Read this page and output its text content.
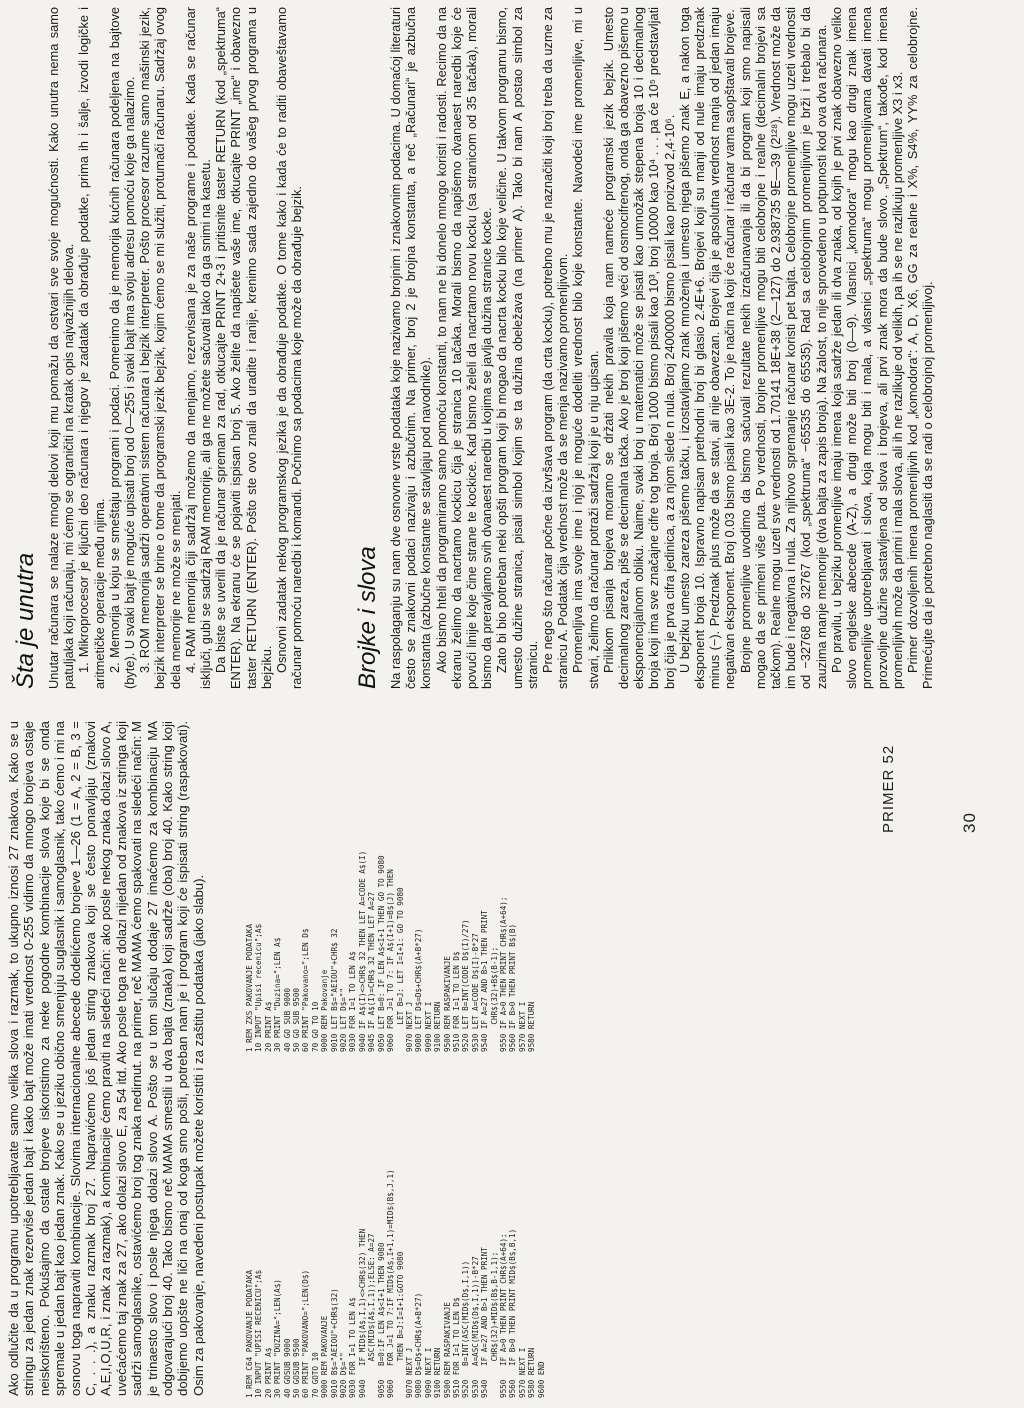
Ako odlučite da u programu upotrebljavate samo velika slova i razmak, to ukupno iznosi 27 znakova. Kako se u stringu za jedan znak rezerviše jedan bajt i kako bajt može imati vrednost 0-255 vidimo da mnogo brojeva ostaje neiskorišteno. Pokušajmo da ostale brojeve iskoristimo za neke pogodne kombinacije slova koje bi se onda spremale u jedan bajt kao jedan znak. Kako se u jeziku obično smenjuju suglasnik i samoglasnik, tako ćemo i mi na osnovu toga napraviti kombinacije. Slovima internacionalne abecede dodelićemo brojeve 1—26 (1 = A, 2 = B, 3 = C, . . .), a znaku razmak broj 27. Napravićemo još jedan string znakova koji se često ponavljaju (znakovi A,E,I,O,U,R, i znak za razmak), a kombinacije ćemo praviti na sledeći način: ako posle nekog znaka dolazi slovo A, uvećaćemo taj znak za 27, ako dolazi slovo E, za 54 itd. Ako posle toga ne dolazi nijedan od znakova iz stringa koji sadrži samoglasnike, ostavićemo broj tog znaka nedirnut. na primer, reč MAMA ćemo spakovati na sledeći način: M je trinaesto slovo i posle njega dolazi slovo A. Pošto se u tom slučaju dodaje 27 imaćemo za kombinaciju MA odgovarajući broj 40. Tako bismo reč MAMA smestili u dva bajta (znaka) koji sadrže (oba) broj 40. Kako string koji dobijemo uopšte ne liči na onaj od koga smo pošli, potreban nam je i program koji će ispisati string (raspakovati). Osim za pakovanje, navedeni postupak možete koristiti i za zaštitu podataka (jako slabu).	1 REM C64 PAKOVANJE PODATAKA 10 INPUT "UPISI RECENICU";A$ 20 PRINT A$ 30 PRINT "DUZINA=";LEN(A$) 40 GOSUB 9000 50 GOSUB 9500 60 PRINT "PAKOVANO=";LEN(D$) 70 GOTO 10 9000 REM PAKOVANJE 9010 B$="AEIOU"+CHR$(32) 9020 D$="" 9030 FOR I=1 TO LEN A$ 9040   IF MID$(A$,I,1)<>CHR$(32) THEN ASC(MID$(A$,I,1));ELSE: A=27 9050   B=0:IF LEN A$<I+1 THEN 9080 9060   FOR J=1 TO 7:IF MID$(A$,I+1,1)=MID$(B$,J,1) THEN B=J:I=I+1:GOTO 9080 9070 NEXT J 9080 D$=D$+CHR$(A+B*27) 9090 NEXT I 9100 RETURN 9500 REM RASPAKIVANJE 9510 FOR I=1 TO LEN D$ 9520   B=INT(ASC(MID$(D$,I,1)) 9530   A=ASC(MID$(D$,I,1))-B*27 9540   IF A=27 AND B>1 THEN PRINT CHR$(32)+MID$(B$,B-1,1); 9550   IF A>0 THEN PRINT CHR$(A+64); 9560   IF B>0 THEN PRINT MID$(B$,B,1) 9570 NEXT I 9580 RETURN 9600 END
1 REM ZXS PAKOVANJE PODATAKA 10 INPUT "Upisi recenicu";A$ 20 PRINT A$ 30 PRINT "Duzina=";LEN A$ 40 GO SUB 9000 50 GO SUB 9500 60 PRINT "Pakovano=";LEN D$ 70 GO TO 10 9000 REM Pakovanje 9010 LET B$="AEIOU"+CHR$ 32 9020 LET D$="" 9030 FOR I=1 TO LEN A$ 9040 IF A$(I)<>CHR$ 32 THEN LET A=CODE A$(I) 9045 IF A$(I)=CHR$ 32 THEN LET A=27 9050 LET B=0: IF LEN A$<I+1 THEN GO TO 9080 9060 FOR J=1 TO 7: IF A$(I+1)=B$(J) THEN LET B=J: LET I=I+1: GO TO 9080 9070 NEXT J 9080 LET D$=D$+CHR$(A+B*27) 9090 NEXT I 9100 RETURN 9500 REM RASPAKIVANJE 9510 FOR I=1 TO LEN D$ 9520 LET B=INT(CODE D$(I)/27) 9530 LET A=CODE D$(I)-B*27 9540 IF A=27 AND B>1 THEN PRINT CHR$(32)+B$(B-1); 9550 IF A>0 THEN PRINT CHR$(A+64); 9560 IF B>0 THEN PRINT B$(B) 9570 NEXT I 9580 RETURN
PRIMER 52	30
Šta je unutra Unutar računara se nalaze mnogi delovi koji mu pomažu da ostvari sve svoje mogućnosti. Kako unutra nema samo patuljaka koji računaju, mi ćemo se ograničiti na kratak opis najvažnijih delova. 1. Mikroprocesor je ključni deo računara i njegov je zadatak da obrađuje podatke, prima ih i šalje, izvodi logičke i aritmetičke operacije među njima. 2. Memorija u koju se smeštaju programi i podaci. Pomenimo da je memorija kućnih računara podeljena na bajtove (byte). U svaki bajt je moguće upisati broj od 0—255 i svaki bajt ima svoju adresu pomoću koje ga nalazimo. 3. ROM memorija sadrži operativni sistem računara i bejzik interpreter. Pošto procesor razume samo mašinski jezik, bejzik interpreter se brine o tome da programski jezik bejzik, kojim ćemo se mi služiti, protumači računaru. Sadržaj ovog dela memorije ne može se menjati. 4. RAM memorija čiji sadržaj možemo da menjamo, rezervisana je za naše programe i podatke. Kada se računar isključi, gubi se sadržaj RAM memorije, ali ga ne možete sačuvati tako da ga snimi na kasetu. Da biste se uverili da je računar spreman za rad, otkucajte PRINT 2+3 i pritisnite taster RETURN (kod „spektruma“ ENTER). Na ekranu će se pojaviti ispisan broj 5. Ako želite da napišete vaše ime, otkucajte PRINT „ime“ i obavezno taster RETURN (ENTER). Pošto ste ovo znali da uradite i ranije, krenimo sada zajedno do vašeg prvog programa u bejziku. Osnovni zadatak nekog programskog jezika je da obrađuje podatke. O tome kako i kada će to raditi obaveštavamo računar pomoću naredbi i komandi. Počnimo sa podacima koje može da obrađuje bejzik. Brojke i slova Na raspolaganju su nam dve osnovne vrste podataka koje nazivamo brojnim i znakovnim podacima. U domaćoj literaturi često se znakovni podaci nazivaju i azbučnim. Na primer, broj 2 je brojna konstanta, a reč „Računari“ je azbučna konstanta (azbučne konstante se stavljaju pod navodnike). Ako bismo hteli da programiramo samo pomoću konstanti, to nam ne bi donelo mnogo koristi i radosti. Recimo da na ekranu želimo da nacrtamo kockicu čija je stranica 10 tačaka. Morali bismo da napišemo dvanaest naredbi koje će povući linije koje čine strane te kockice. Kad bismo želeli da nacrtamo novu kocku (sa stranicom od 35 tačaka), morali bismo da preravljamo svih dvanaest naredbi u kojima se javlja dužina stranice kocke. Zato bi bio potreban neki opšti program koji bi mogao da nacrta kocku bilo koje veličine. U takvom programu bismo, umesto dužine stranica, pisali simbol kojim se ta dužina obeležava (na primer A). Tako bi nam A postao simbol za stranicu. Pre nego što računar počne da izvršava program (da crta kocku), potrebno mu je naznačiti koji broj treba da uzme za stranicu A. Podatak čija vrednost može da se menja nazivamo promenljivom. Promenljiva ima svoje ime i njoj je moguće dodeliti vrednost bilo koje konstante. Navodeći ime promenljive, mi u stvari, želimo da računar potraži sadržaj koji je u nju upisan. Prilikom pisanja brojeva moramo se držati nekih pravila koja nam nameće programski jezik bejzik. Umesto decimalnog zareza, piše se decimalna tačka. Ako je broj koji pišemo veći od osmocifrenog, onda ga obavezno pišemo u eksponencijalnom obliku. Naime, svaki broj u matematici može se pisati kao umnožak stepena broja 10 i decimalnog broja koji ima sve značajne cifre tog broja. Broj 1000 bismo pisali kao 10³, broj 10000 kao 10⁴ . . . pa će 10⁵ predstavljati broj čija je prva cifra jedinica, a za njom slede n nula. Broj 2400000 bismo pisali kao proizvod 2,4·10⁶. U bejziku umesto zareza pišemo tačku, i izostavljamo znak množenja i umesto njega pišemo znak E, a nakon toga eksponent broja 10. Ispravno napisan prethodni broj bi glasio 2.4E+6. Brojevi koji su manji od nule imaju predznak minus (−). Predznak plus može da se stavi, ali nije obavezan. Brojevi čija je apsolutna vrednost manja od jedan imaju negativan eksponent. Broj 0.03 bismo pisali kao 3E-2. To je način na koji će računar i računar vama saopštavati brojeve. Brojne promenljive uvodimo da bismo sačuvali rezultate nekih izračunavanja ili da bi program koji smo napisali mogao da se primeni više puta. Po vrednosti, brojne promenljive mogu biti celobrojne i realne (decimalni brojevi sa tačkom). Realne mogu uzeti sve vrednosti od 1.70141 18E+38 (2—127) do 2.938735 9E—39 (2¹²⁸). Vrednost može da im bude i negativna i nula. Za njihovo spremanje računar koristi pet bajta. Celobrojne promenljive mogu uzeti vrednosti od −32768 do 32767 (kod „spektruma“ −65535 do 65535). Rad sa celobrojnim promenljivim je brži i trebalo bi da zauzima manje memorije (dva bajta za zapis broja). Na žalost, to nije sprovedeno u potpunosti kod ova dva računara. Po pravilu, u bejziku promenljive imaju imena koja sadrže jedan ili dva znaka, od kojih je prvi znak obavezno veliko slovo engleske abecede (A-Z), a drugi može biti broj (0—9). Vlasnici „komodora“ mogu kao drugi znak imena promenljive upotrebljavati i slova, koja mogu biti i mala, a vlasnici „spektruma“ mogu promenljivama davati imena prozvoljne dužine sastavljena od slova i brojeva, ali prvi znak mora da bude slovo. „Spektrum“, takođe, kod imena promenljivih može da primi i mala slova, ali ih ne razlikuje od velikih, pa ih se ne razlikuju promenljive X3 i x3. Primer dozvoljenih imena promenljivih kod „komodora“: A, D, X6, GG za realne i X%, S4%, YY% za celobrojne. Primećujte da je potrebno naglasiti da se radi o celobrojnoj promenljivoj.
